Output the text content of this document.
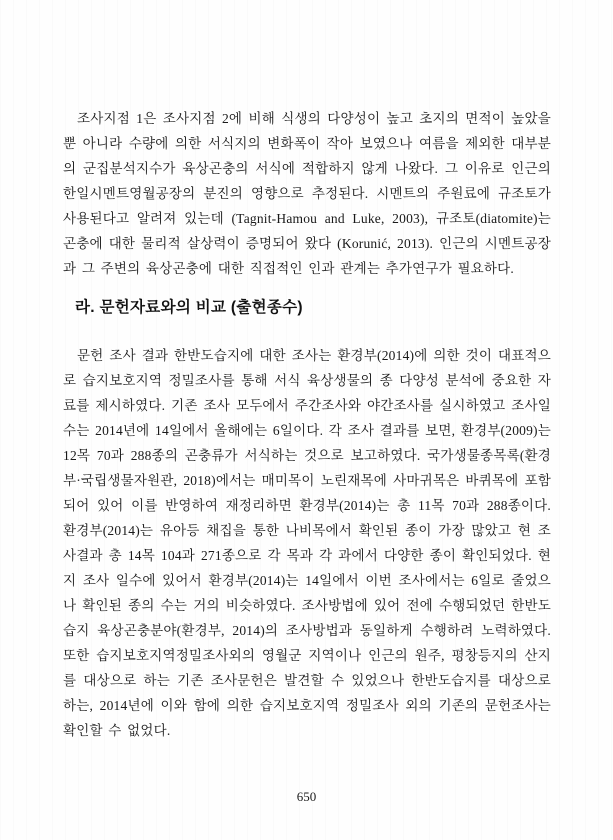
조사지점 1은 조사지점 2에 비해 식생의 다양성이 높고 초지의 면적이 높았을 뿐 아니라 수량에 의한 서식지의 변화폭이 작아 보였으나 여름을 제외한 대부분의 군집분석지수가 육상곤충의 서식에 적합하지 않게 나왔다. 그 이유로 인근의 한일시멘트영월공장의 분진의 영향으로 추정된다. 시멘트의 주원료에 규조토가 사용된다고 알려져 있는데 (Tagnit-Hamou and Luke, 2003), 규조토(diatomite)는 곤충에 대한 물리적 살상력이 증명되어 왔다 (Korunić, 2013). 인근의 시멘트공장과 그 주변의 육상곤충에 대한 직접적인 인과 관계는 추가연구가 필요하다.

라. 문헌자료와의 비교 (출현종수)

문헌 조사 결과 한반도습지에 대한 조사는 환경부(2014)에 의한 것이 대표적으로 습지보호지역 정밀조사를 통해 서식 육상생물의 종 다양성 분석에 중요한 자료를 제시하였다. 기존 조사 모두에서 주간조사와 야간조사를 실시하였고 조사일수는 2014년에 14일에서 올해에는 6일이다. 각 조사 결과를 보면, 환경부(2009)는 12목 70과 288종의 곤충류가 서식하는 것으로 보고하였다. 국가생물종목록(환경부·국립생물자원관, 2018)에서는 매미목이 노린재목에 사마귀목은 바퀴목에 포함되어 있어 이를 반영하여 재정리하면 환경부(2014)는 총 11목 70과 288종이다. 환경부(2014)는 유아등 채집을 통한 나비목에서 확인된 종이 가장 많았고 현 조사결과 총 14목 104과 271종으로 각 목과 각 과에서 다양한 종이 확인되었다. 현지 조사 일수에 있어서 환경부(2014)는 14일에서 이번 조사에서는 6일로 줄었으나 확인된 종의 수는 거의 비슷하였다. 조사방법에 있어 전에 수행되었던 한반도습지 육상곤충분야(환경부, 2014)의 조사방법과 동일하게 수행하려 노력하였다. 또한 습지보호지역정밀조사외의 영월군 지역이나 인근의 원주, 평창등지의 산지를 대상으로 하는 기존 조사문헌은 발견할 수 있었으나 한반도습지를 대상으로 하는, 2014년에 이와 함에 의한 습지보호지역 정밀조사 외의 기존의 문헌조사는 확인할 수 없었다.

650
